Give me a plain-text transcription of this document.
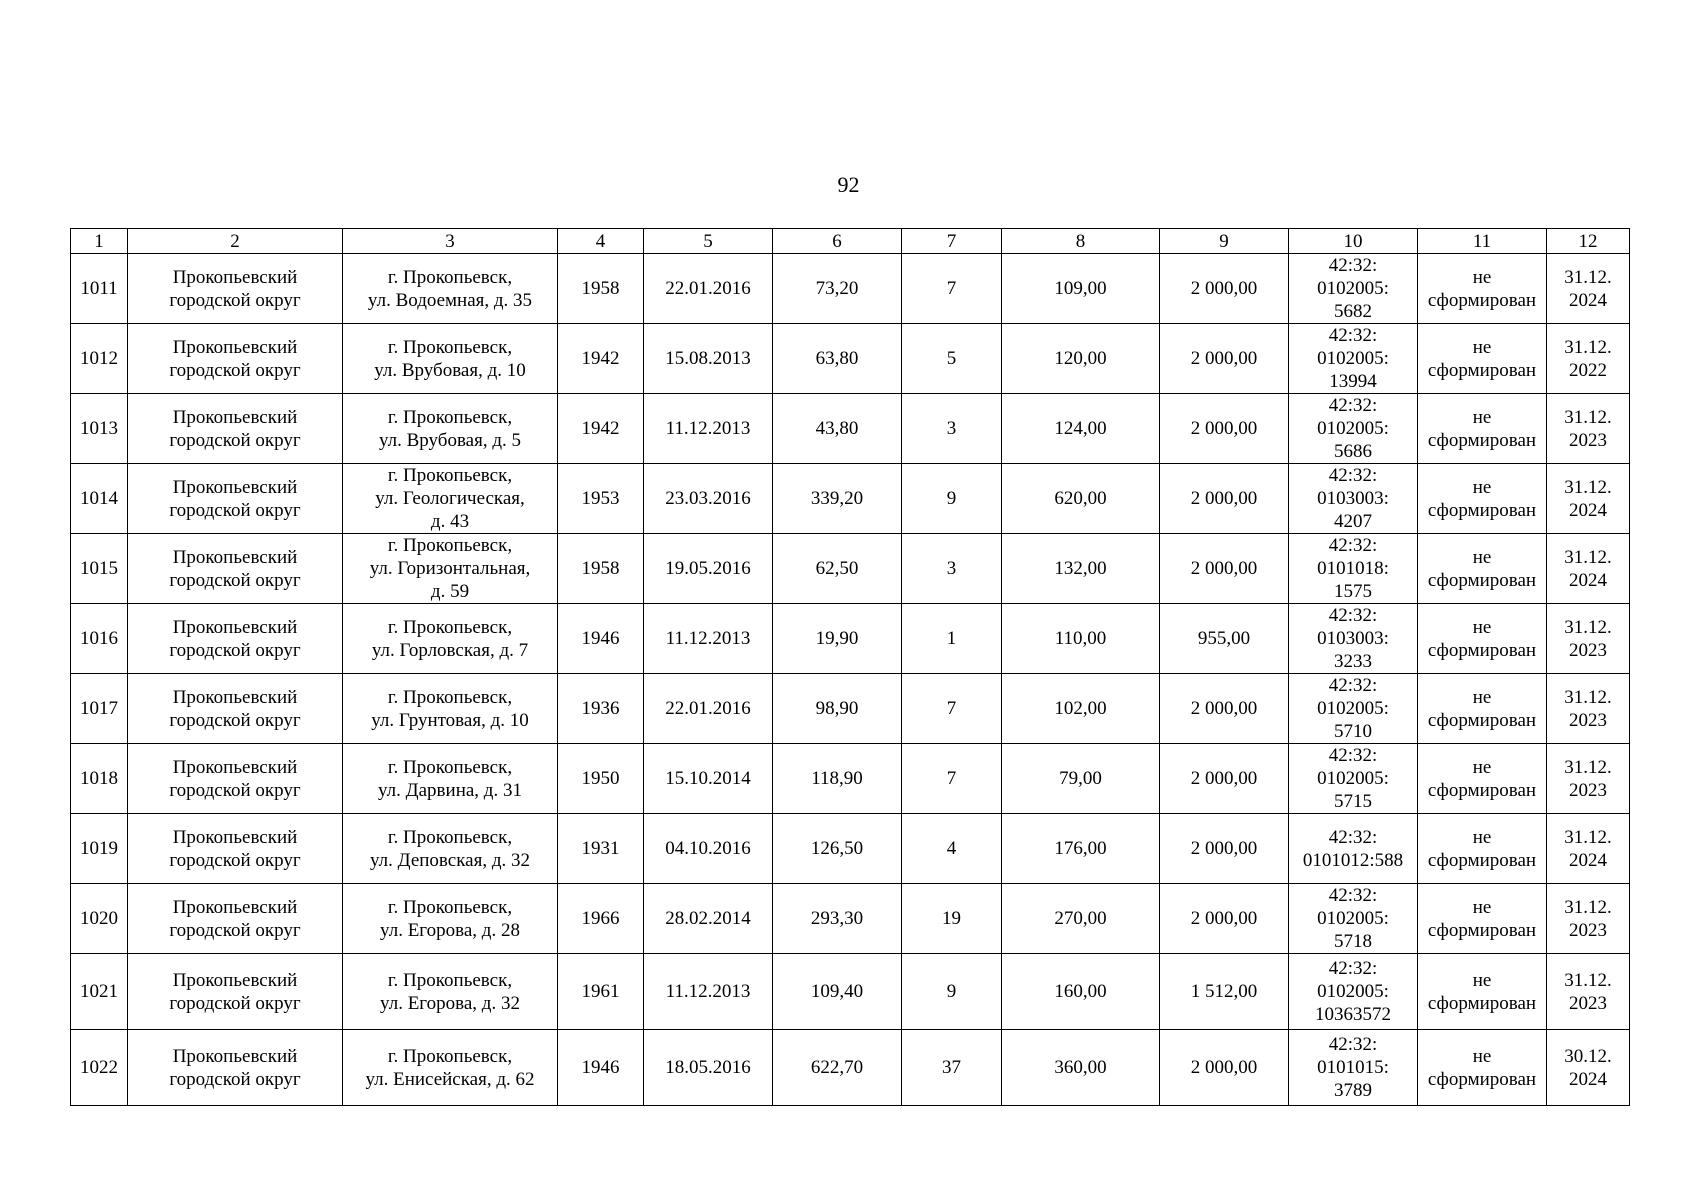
92
1	2	3	4	5	6	7	8	9	10	11	12
1011	Прокопьевский
городской округ	г. Прокопьевск,
ул. Водоемная, д. 35	1958	22.01.2016	73,20	7	109,00	2 000,00	42:32:
0102005:
5682	не
сформирован	31.12.
2024

1012	Прокопьевский
городской округ	г. Прокопьевск,
ул. Врубовая, д. 10	1942	15.08.2013	63,80	5	120,00	2 000,00	42:32:
0102005:
13994	не
сформирован	31.12.
2022

1013	Прокопьевский
городской округ	г. Прокопьевск,
ул. Врубовая, д. 5	1942	11.12.2013	43,80	3	124,00	2 000,00	42:32:
0102005:
5686	не
сформирован	31.12.
2023

1014	Прокопьевский
городской округ	г. Прокопьевск,
ул. Геологическая,
д. 43	1953	23.03.2016	339,20	9	620,00	2 000,00	42:32:
0103003:
4207	не
сформирован	31.12.
2024

1015	Прокопьевский
городской округ	г. Прокопьевск,
ул. Горизонтальная,
д. 59	1958	19.05.2016	62,50	3	132,00	2 000,00	42:32:
0101018:
1575	не
сформирован	31.12.
2024

1016	Прокопьевский
городской округ	г. Прокопьевск,
ул. Горловская, д. 7	1946	11.12.2013	19,90	1	110,00	955,00	42:32:
0103003:
3233	не
сформирован	31.12.
2023

1017	Прокопьевский
городской округ	г. Прокопьевск,
ул. Грунтовая, д. 10	1936	22.01.2016	98,90	7	102,00	2 000,00	42:32:
0102005:
5710	не
сформирован	31.12.
2023

1018	Прокопьевский
городской округ	г. Прокопьевск,
ул. Дарвина, д. 31	1950	15.10.2014	118,90	7	79,00	2 000,00	42:32:
0102005:
5715	не
сформирован	31.12.
2023

1019	Прокопьевский
городской округ	г. Прокопьевск,
ул. Деповская, д. 32	1931	04.10.2016	126,50	4	176,00	2 000,00	42:32:
0101012:588	не
сформирован	31.12.
2024

1020	Прокопьевский
городской округ	г. Прокопьевск,
ул. Егорова, д. 28	1966	28.02.2014	293,30	19	270,00	2 000,00	42:32:
0102005:
5718	не
сформирован	31.12.
2023

1021	Прокопьевский
городской округ	г. Прокопьевск,
ул. Егорова, д. 32	1961	11.12.2013	109,40	9	160,00	1 512,00	42:32:
0102005:
10363572	не
сформирован	31.12.
2023

1022	Прокопьевский
городской округ	г. Прокопьевск,
ул. Енисейская, д. 62	1946	18.05.2016	622,70	37	360,00	2 000,00	42:32:
0101015:
3789	не
сформирован	30.12.
2024
